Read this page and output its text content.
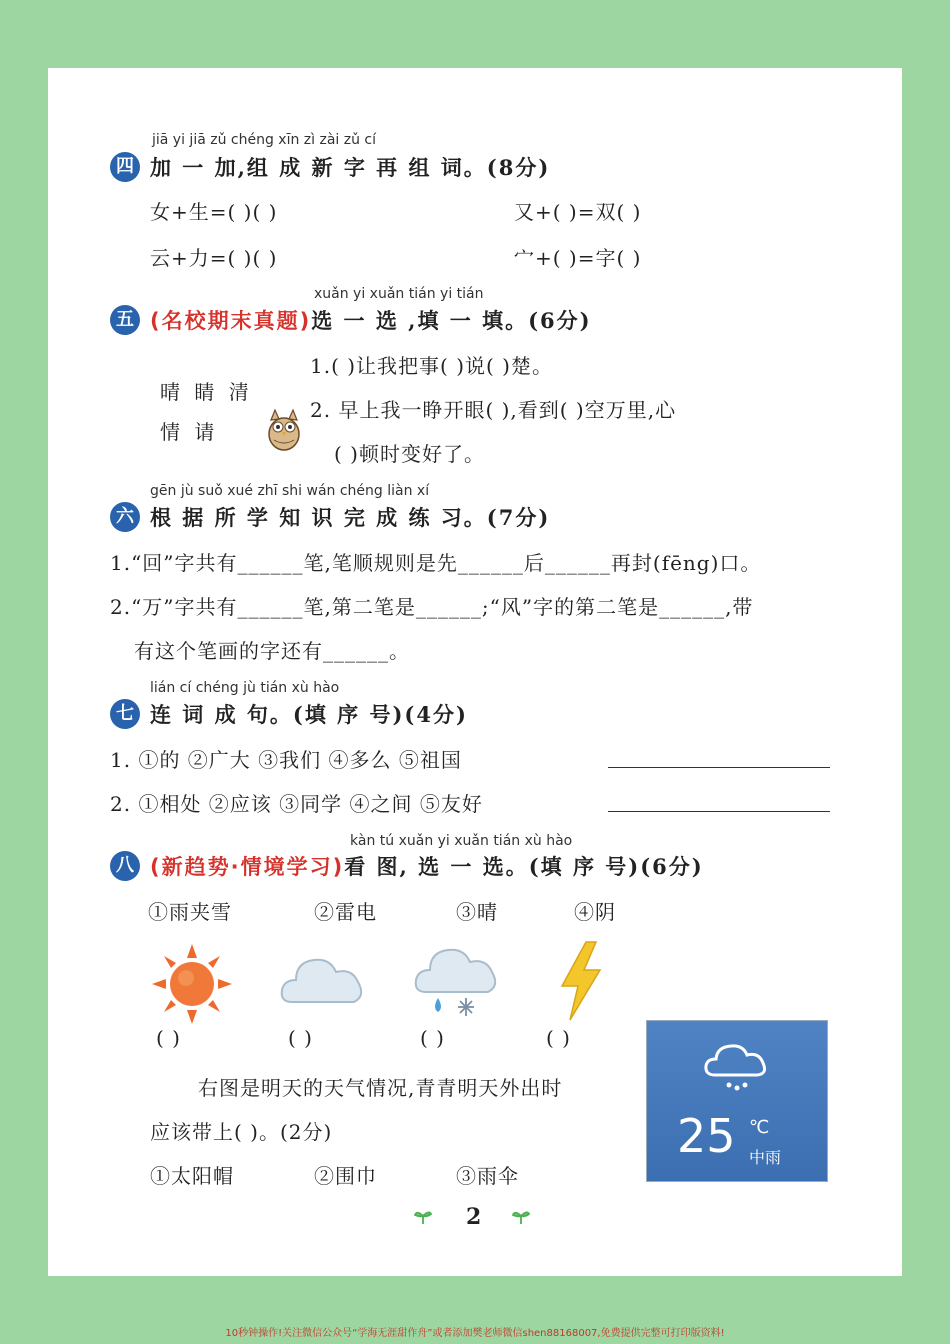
jiā yi jiā zǔ chéng xīn zì zài zǔ cí
四 加 一 加,组 成 新 字 再 组 词。(8分)
女+生=( )( )	又+( )=双( )
云+力=( )( )	宀+( )=字( )
xuǎn yi xuǎn tián yi tián
五 (名校期末真题)选 一 选 ,填 一 填。(6分)
晴 睛 清
情 请
1.( )让我把事( )说( )楚。
2. 早上我一睁开眼( ),看到( )空万里,心
( )顿时变好了。
gēn jù suǒ xué zhī shi wán chéng liàn xí
六 根 据 所 学 知 识 完 成 练 习。(7分)
1.“回”字共有______笔,笔顺规则是先______后______再封(fēng)口。
2.“万”字共有______笔,第二笔是______;“风”字的第二笔是______,带
有这个笔画的字还有______。
lián cí chéng jù tián xù hào
七 连 词 成 句。(填 序 号)(4分)
1. ①的 ②广大 ③我们 ④多么 ⑤祖国
2. ①相处 ②应该 ③同学 ④之间 ⑤友好
kàn tú xuǎn yi xuǎn tián xù hào
八 (新趋势·情境学习)看 图, 选 一 选。(填 序 号)(6分)
①雨夹雪	②雷电	③晴	④阴
( )	( )	( )	( )
右图是明天的天气情况,青青明天外出时
应该带上( )。(2分)
①太阳帽	②围巾	③雨伞
25 ℃
中雨
2
10秒钟操作!关注微信公众号“学海无涯甜作舟”或者添加樊老师微信shen88168007,免费提供完整可打印版资料!
